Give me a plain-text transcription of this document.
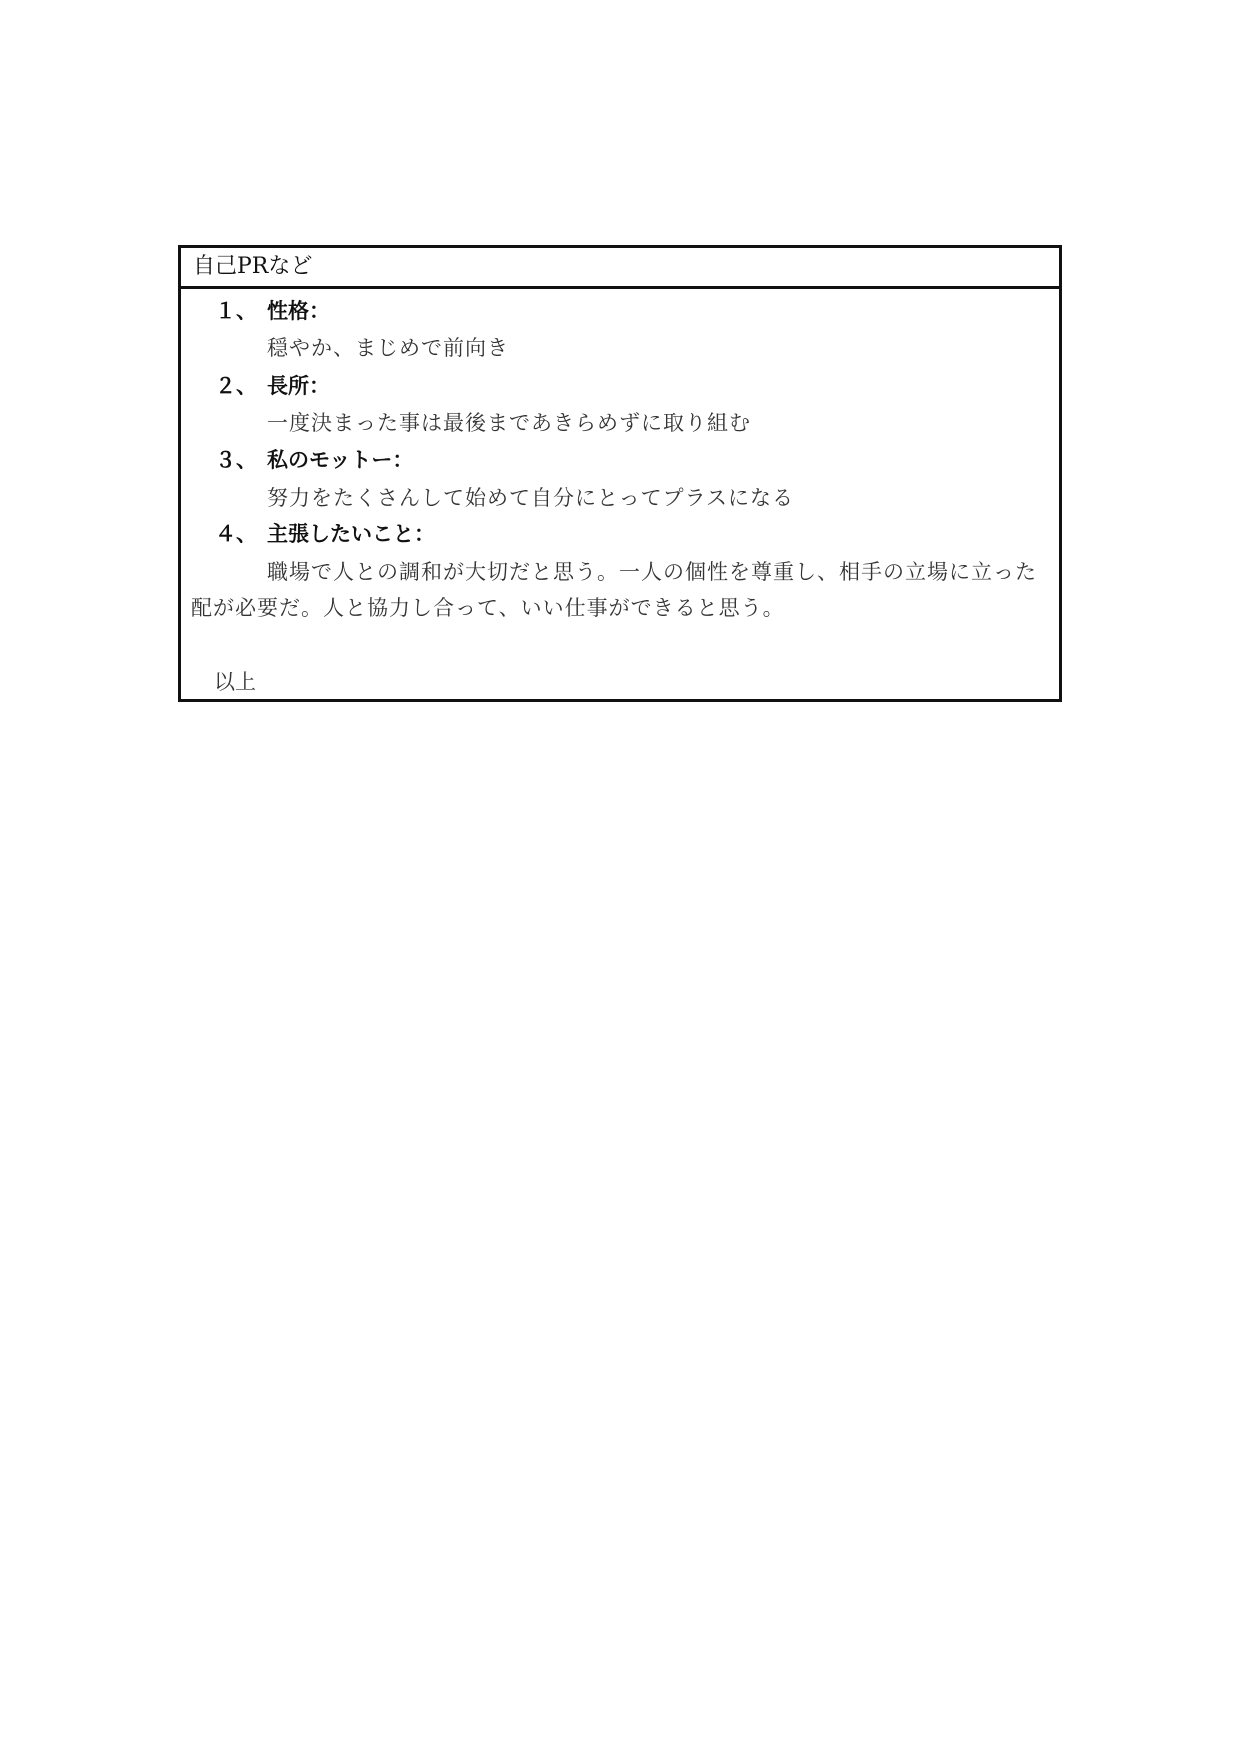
自己PRなど
１、 性格：
穏やか、まじめで前向き
２、 長所：
一度決まった事は最後まであきらめずに取り組む
３、 私のモットー：
努力をたくさんして始めて自分にとってプラスになる
４、 主張したいこと：
職場で人との調和が大切だと思う。一人の個性を尊重し、相手の立場に立った
配が必要だ。人と協力し合って、いい仕事ができると思う。
以上
